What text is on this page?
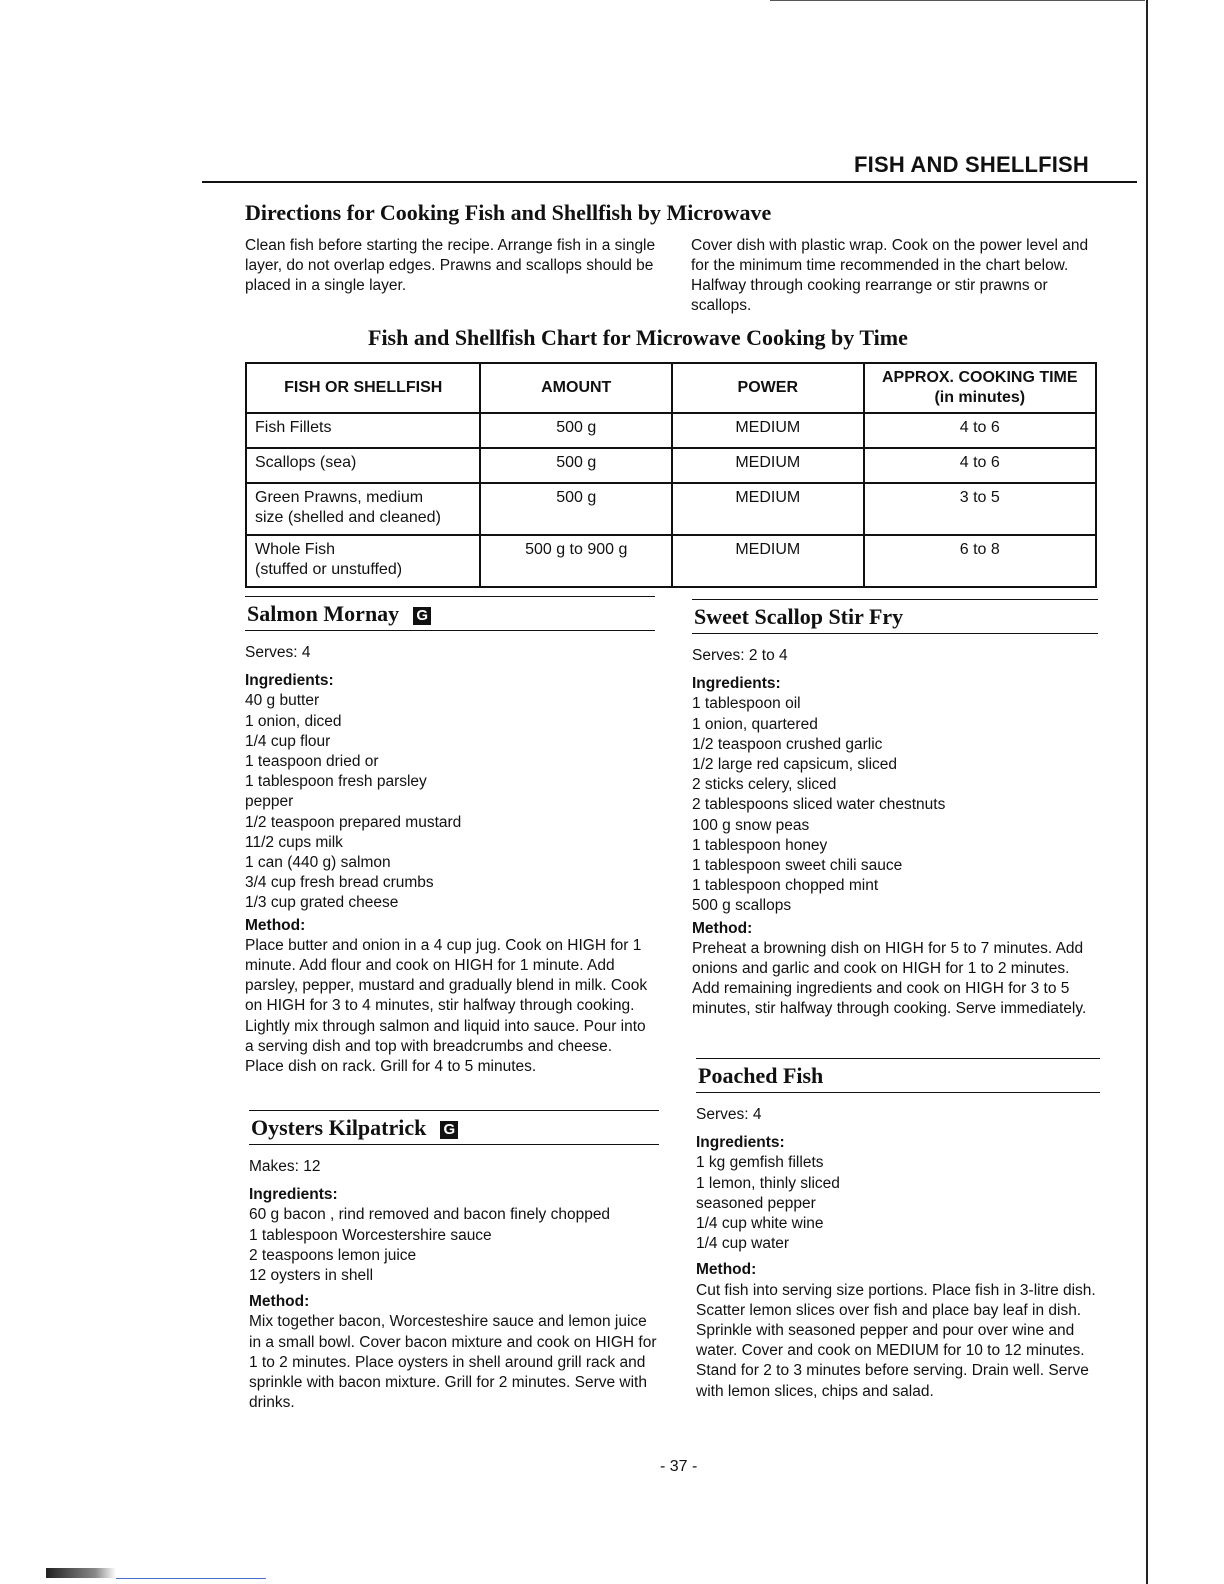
FISH AND SHELLFISH
Directions for Cooking Fish and Shellfish by Microwave
Clean fish before starting the recipe. Arrange fish in a single layer, do not overlap edges. Prawns and scallops should be placed in a single layer.
Cover dish with plastic wrap. Cook on the power level and for the minimum time recommended in the chart below. Halfway through cooking rearrange or stir prawns or scallops.
Fish and Shellfish Chart for Microwave Cooking by Time
FISH OR SHELLFISH	AMOUNT	POWER	APPROX. COOKING TIME
(in minutes)

Fish Fillets	500 g	MEDIUM	4 to 6

Scallops (sea)	500 g	MEDIUM	4 to 6

Green Prawns, medium
size (shelled and cleaned)	500 g	MEDIUM	3 to 5

Whole Fish
(stuffed or unstuffed)	500 g to 900 g	MEDIUM	6 to 8
Salmon Mornay G
Serves: 4
Ingredients:
40 g butter
1 onion, diced
1/4 cup flour
1 teaspoon dried or
1 tablespoon fresh parsley
pepper
1/2 teaspoon prepared mustard
11/2 cups milk
1 can (440 g) salmon
3/4 cup fresh bread crumbs
1/3 cup grated cheese
Method:

Place butter and onion in a 4 cup jug. Cook on HIGH for 1 minute. Add flour and cook on HIGH for 1 minute. Add parsley, pepper, mustard and gradually blend in milk. Cook on HIGH for 3 to 4 minutes, stir halfway through cooking. Lightly mix through salmon and liquid into sauce. Pour into a serving dish and top with breadcrumbs and cheese. Place dish on rack. Grill for 4 to 5 minutes.

Oysters Kilpatrick G
Makes: 12
Ingredients:
60 g bacon , rind removed and bacon finely chopped
1 tablespoon Worcestershire sauce
2 teaspoons lemon juice
12 oysters in shell
Method:

Mix together bacon, Worcesteshire sauce and lemon juice in a small bowl. Cover bacon mixture and cook on HIGH for 1 to 2 minutes. Place oysters in shell around grill rack and sprinkle with bacon mixture. Grill for 2 minutes. Serve with drinks.

Sweet Scallop Stir Fry
Serves: 2 to 4
Ingredients:
1 tablespoon oil
1 onion, quartered
1/2 teaspoon crushed garlic
1/2 large red capsicum, sliced
2 sticks celery, sliced
2 tablespoons sliced water chestnuts
100 g snow peas
1 tablespoon honey
1 tablespoon sweet chili sauce
1 tablespoon chopped mint
500 g scallops
Method:

Preheat a browning dish on HIGH for 5 to 7 minutes. Add onions and garlic and cook on HIGH for 1 to 2 minutes. Add remaining ingredients and cook on HIGH for 3 to 5 minutes, stir halfway through cooking. Serve immediately.

Poached Fish
Serves: 4
Ingredients:
1 kg gemfish fillets
1 lemon, thinly sliced
seasoned pepper
1/4 cup white wine
1/4 cup water
Method:

Cut fish into serving size portions. Place fish in 3-litre dish. Scatter lemon slices over fish and place bay leaf in dish. Sprinkle with seasoned pepper and pour over wine and water. Cover and cook on MEDIUM for 10 to 12 minutes. Stand for 2 to 3 minutes before serving. Drain well. Serve with lemon slices, chips and salad.

- 37 -
